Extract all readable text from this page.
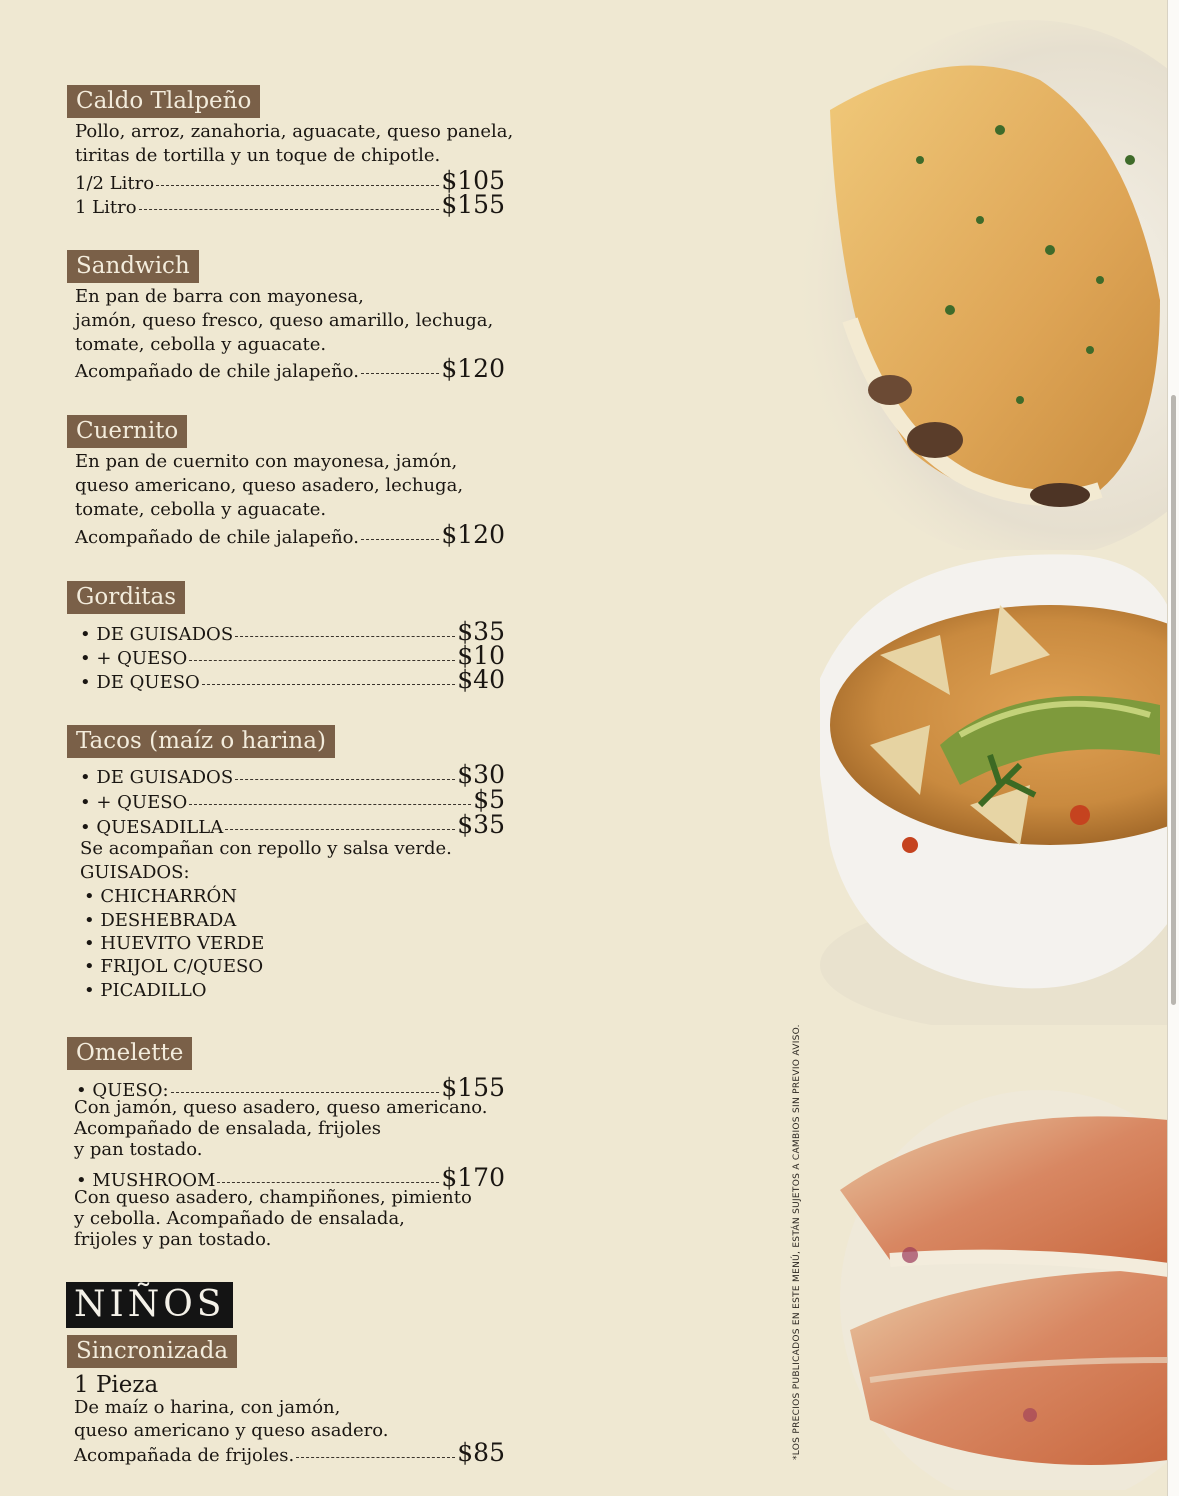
Caldo Tlalpeño
Pollo, arroz, zanahoria, aguacate, queso panela,
tiritas de tortilla y un toque de chipotle.
1/2 Litro	$105
1 Litro	$155
Sandwich
En pan de barra con mayonesa,
jamón, queso fresco, queso amarillo, lechuga,
tomate, cebolla y aguacate.
Acompañado de chile jalapeño.	$120
Cuernito
En pan de cuernito con mayonesa, jamón,
queso americano, queso asadero, lechuga,
tomate, cebolla y aguacate.
Acompañado de chile jalapeño.	$120
Gorditas
• DE GUISADOS	$35
• + QUESO	$10
• DE QUESO	$40
Tacos (maíz o harina)
• DE GUISADOS	$30
• + QUESO	$5
• QUESADILLA	$35
Se acompañan con repollo y salsa verde.
GUISADOS:
• CHICHARRÓN
• DESHEBRADA
• HUEVITO VERDE
• FRIJOL C/QUESO
• PICADILLO
Omelette
• QUESO:	$155
Con jamón, queso asadero, queso americano.
Acompañado de ensalada, frijoles
y pan tostado.
• MUSHROOM	$170
Con queso asadero, champiñones, pimiento
y cebolla. Acompañado de ensalada,
frijoles y pan tostado.
NIÑOS
Sincronizada
1 Pieza
De maíz o harina, con jamón,
queso americano y queso asadero.
Acompañada de frijoles.	$85	*LOS PRECIOS PUBLICADOS EN ESTE MENÚ, ESTÁN SUJETOS A CAMBIOS SIN PREVIO AVISO.
